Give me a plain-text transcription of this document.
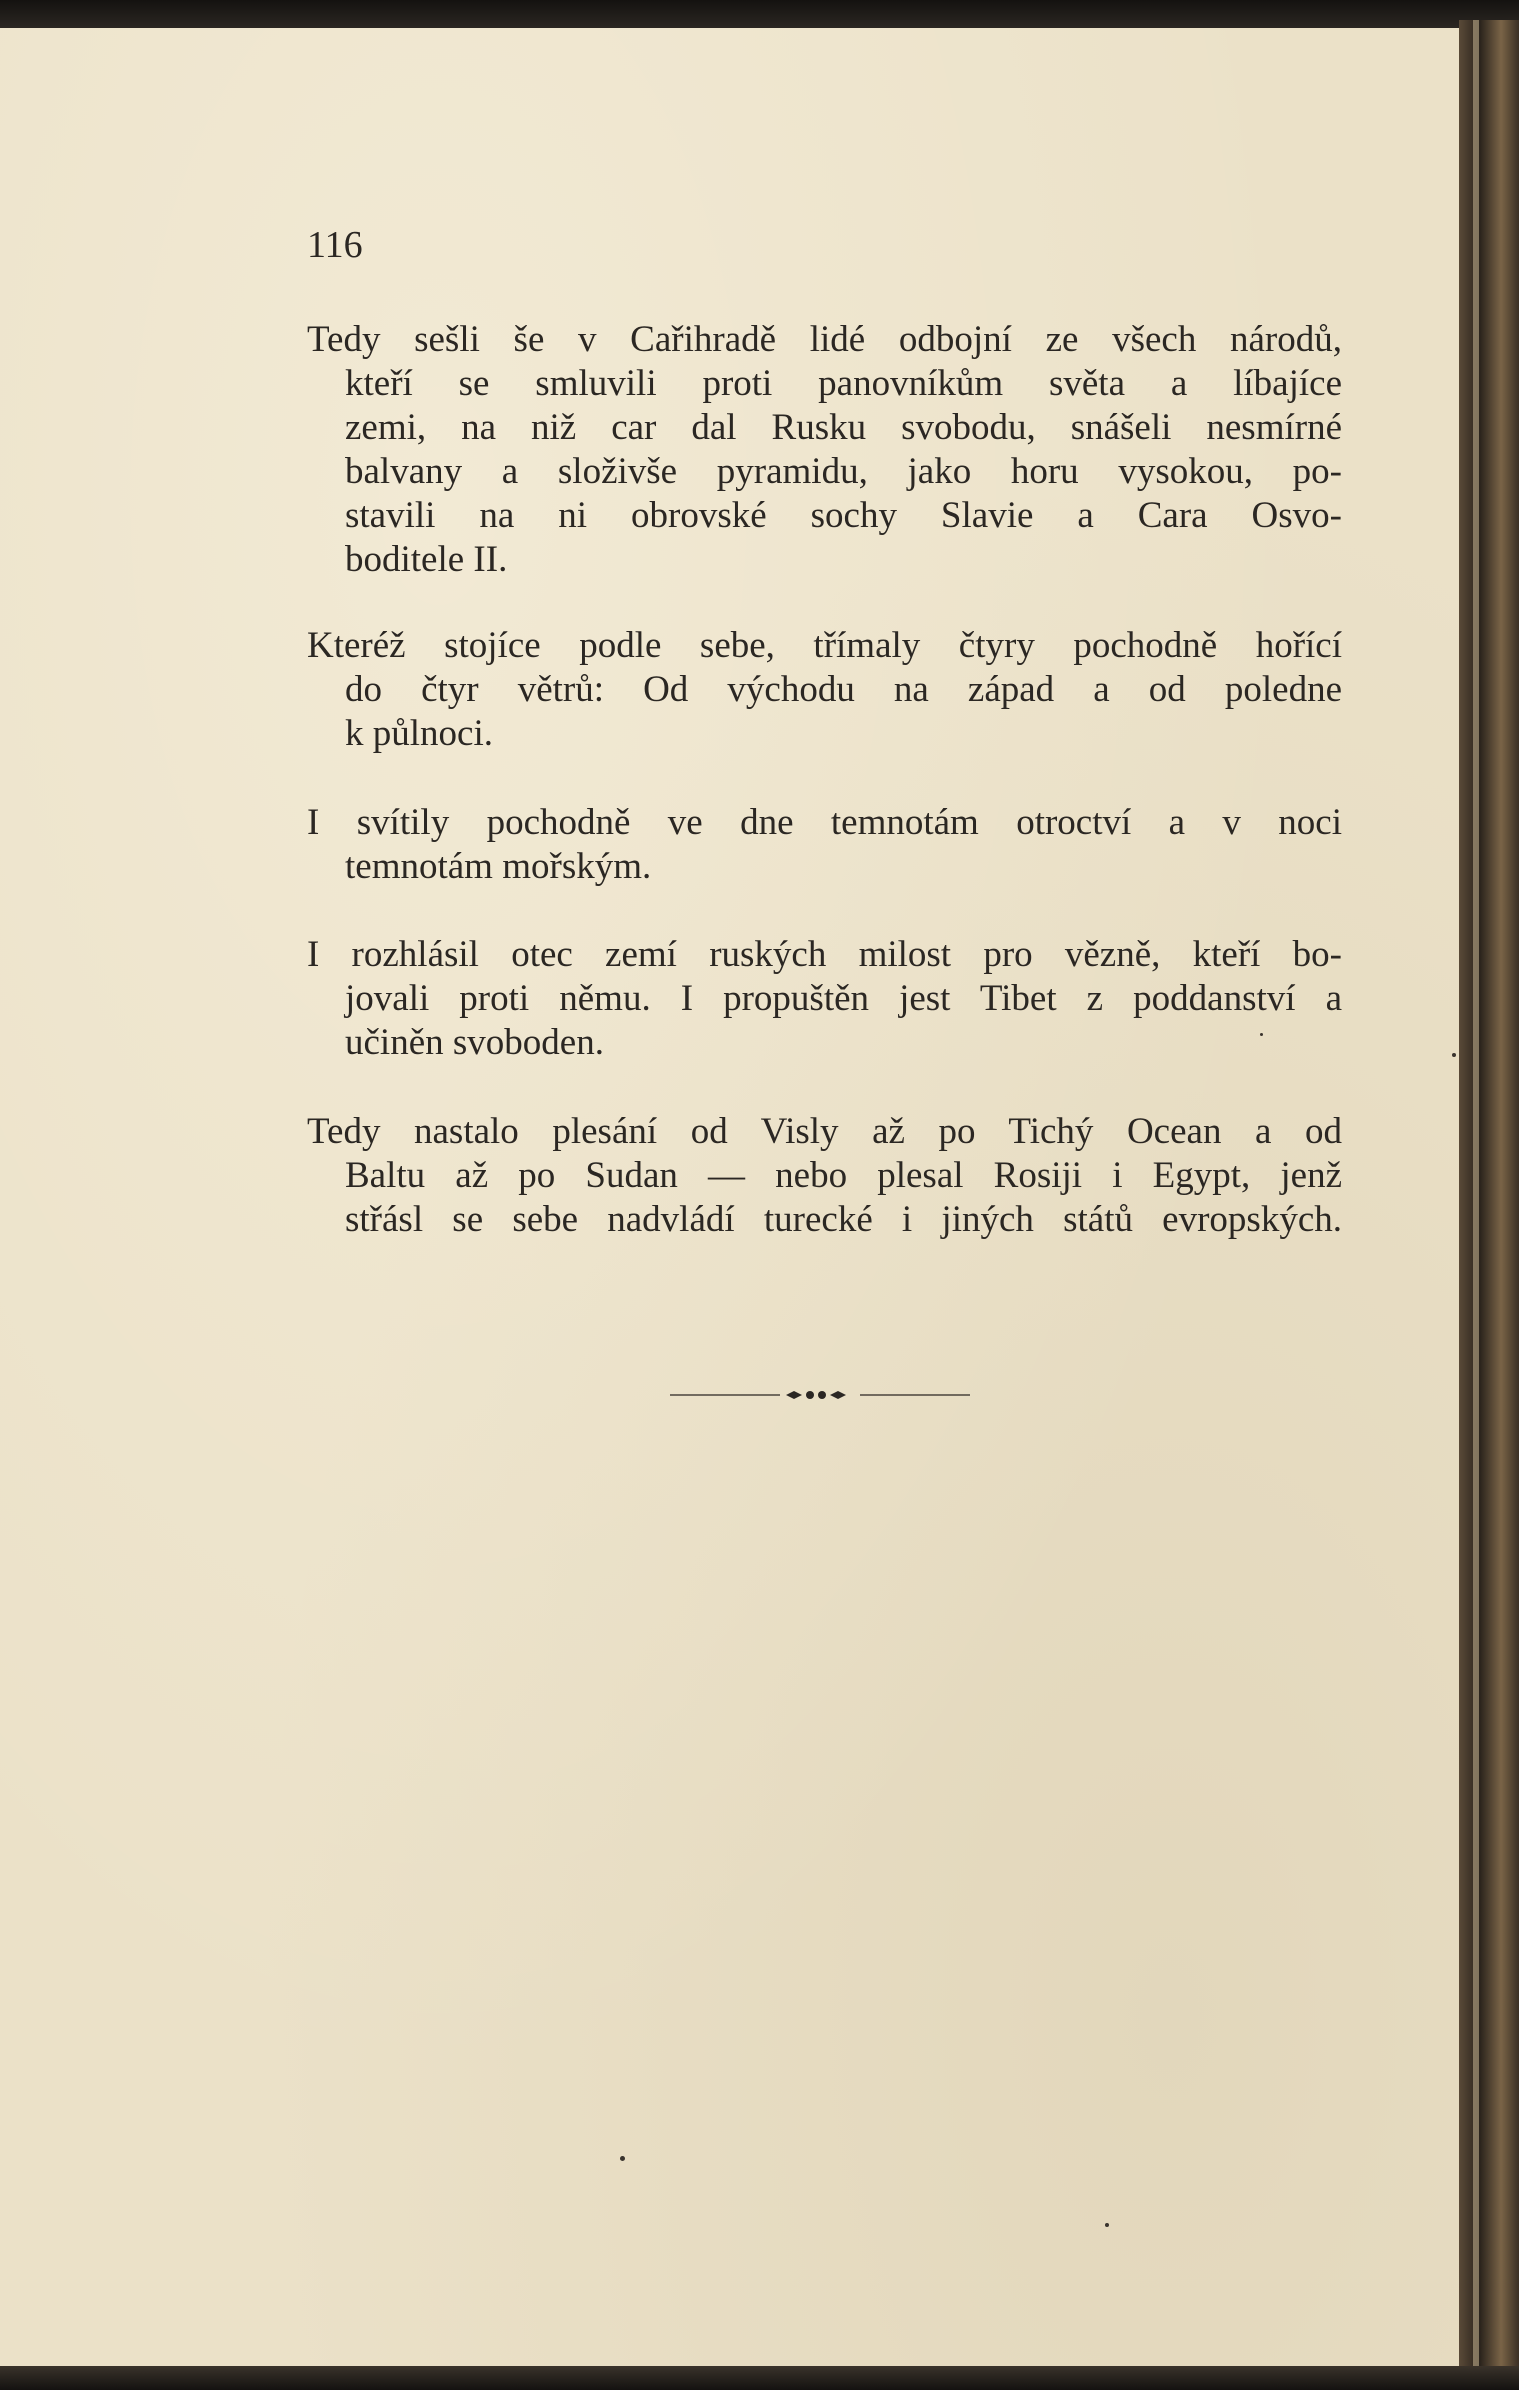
116
Tedy sešli še v Cařihradě lidé odbojní ze všech národů,
kteří se smluvili proti panovníkům světa a líbajíce
zemi, na niž car dal Rusku svobodu, snášeli nesmírné
balvany a složivše pyramidu, jako horu vysokou, po-
stavili na ni obrovské sochy Slavie a Cara Osvo-
boditele II.
Kteréž stojíce podle sebe, třímaly čtyry pochodně hořící
do čtyr větrů: Od východu na západ a od poledne
k půlnoci.
I svítily pochodně ve dne temnotám otroctví a v noci
temnotám mořským.
I rozhlásil otec zemí ruských milost pro vězně, kteří bo-
jovali proti němu. I propuštěn jest Tibet z poddanství a
učiněn svoboden.
Tedy nastalo plesání od Visly až po Tichý Ocean a od
Baltu až po Sudan — nebo plesal Rosiji i Egypt, jenž
střásl se sebe nadvládí turecké i jiných států evropských.
